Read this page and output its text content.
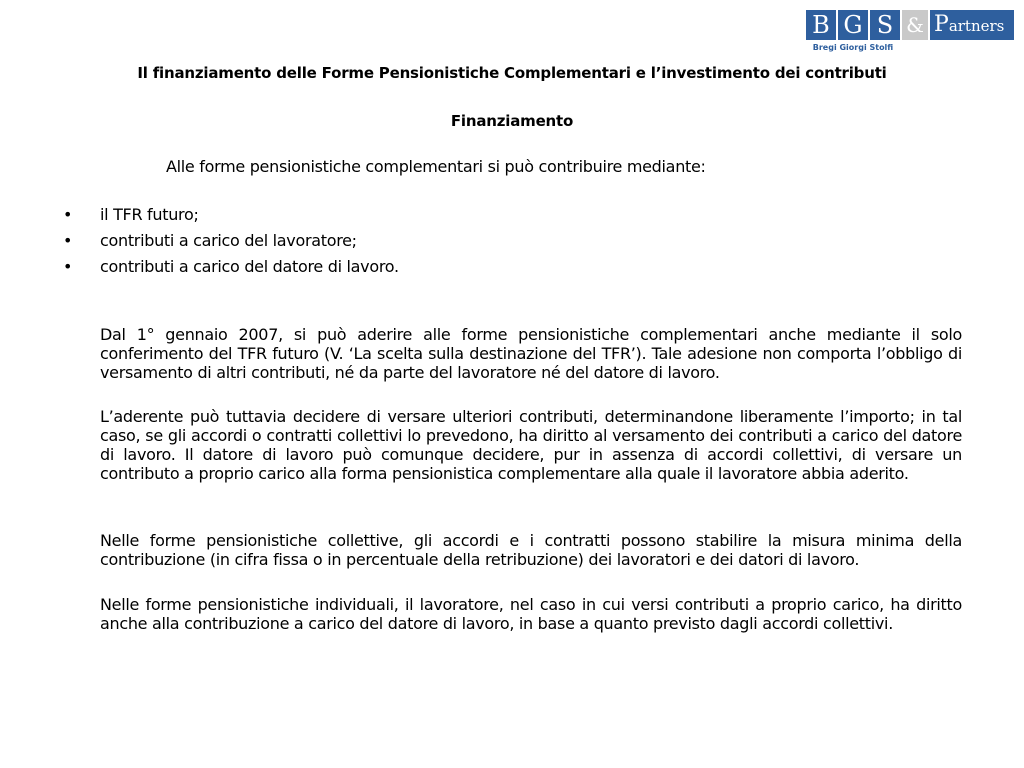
B G S & Partners
Bregi Giorgi Stolfi
Il finanziamento delle Forme Pensionistiche Complementari e l’investimento dei contributi
Finanziamento
Alle forme pensionistiche complementari si può contribuire mediante:
• il TFR futuro;
• contributi a carico del lavoratore;
• contributi a carico del datore di lavoro.
Dal 1° gennaio 2007, si può aderire alle forme pensionistiche complementari anche mediante il solo conferimento del TFR futuro (V. ‘La scelta sulla destinazione del TFR’). Tale adesione non comporta l’obbligo di versamento di altri contributi, né da parte del lavoratore né del datore di lavoro.
L’aderente può tuttavia decidere di versare ulteriori contributi, determinandone liberamente l’importo; in tal caso, se gli accordi o contratti collettivi lo prevedono, ha diritto al versamento dei contributi a carico del datore di lavoro. Il datore di lavoro può comunque decidere, pur in assenza di accordi collettivi, di versare un contributo a proprio carico alla forma pensionistica complementare alla quale il lavoratore abbia aderito.
Nelle forme pensionistiche collettive, gli accordi e i contratti possono stabilire la misura minima della contribuzione (in cifra fissa o in percentuale della retribuzione) dei lavoratori e dei datori di lavoro.
Nelle forme pensionistiche individuali, il lavoratore, nel caso in cui versi contributi a proprio carico, ha diritto anche alla contribuzione a carico del datore di lavoro, in base a quanto previsto dagli accordi collettivi.
